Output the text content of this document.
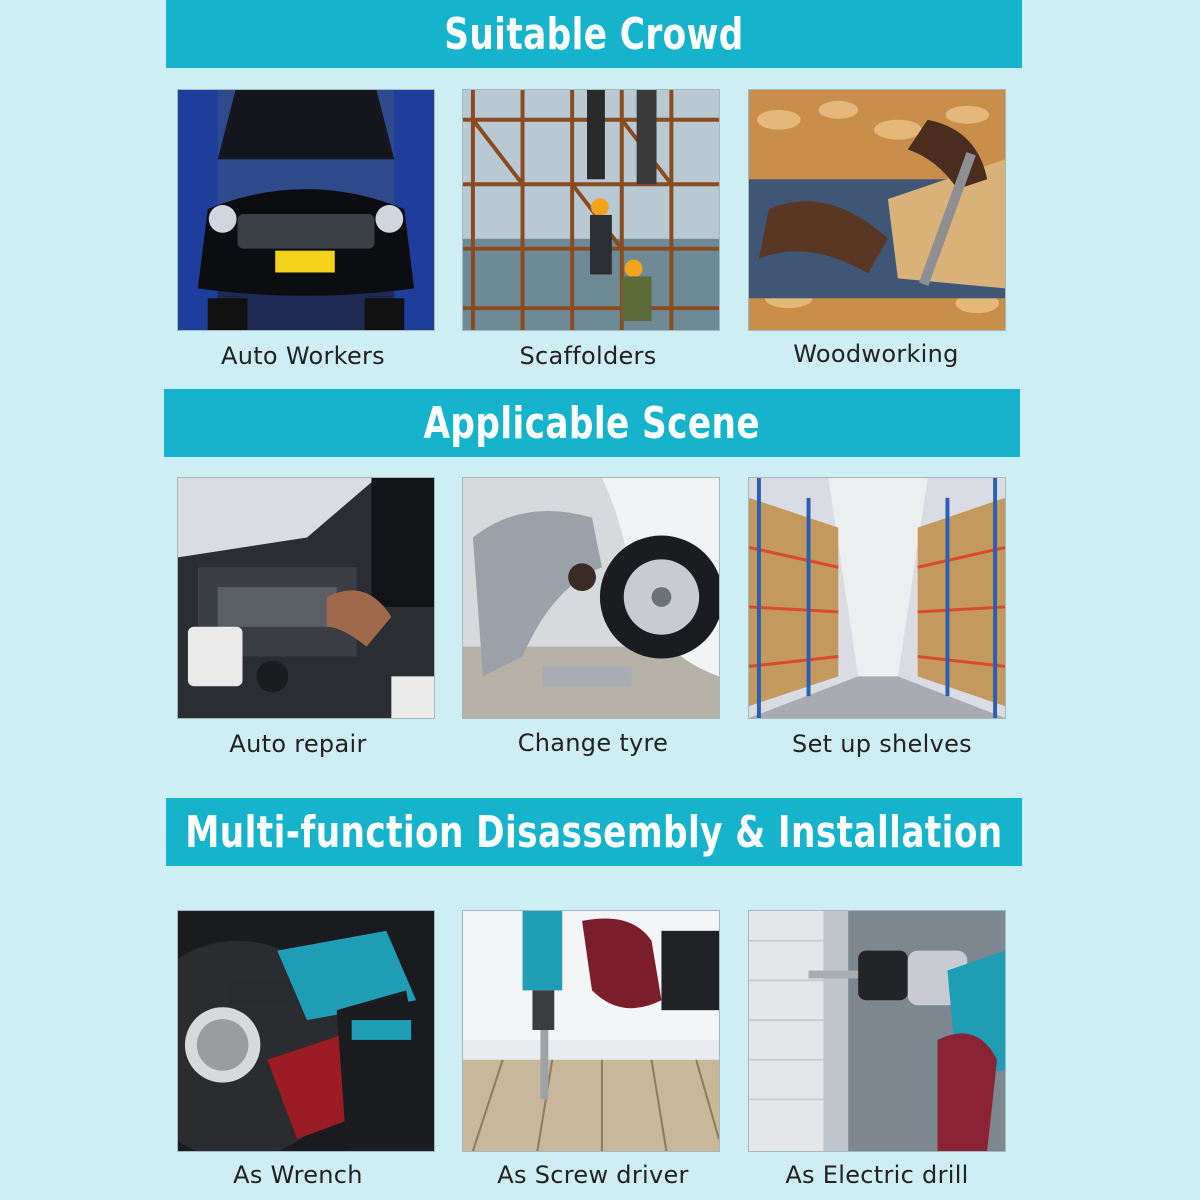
Suitable Crowd
Auto Workers	Scaffolders	Woodworking
Applicable Scene
Auto repair	Change tyre	Set up shelves
Multi-function Disassembly & Installation
As Wrench	As Screw driver	As Electric drill
